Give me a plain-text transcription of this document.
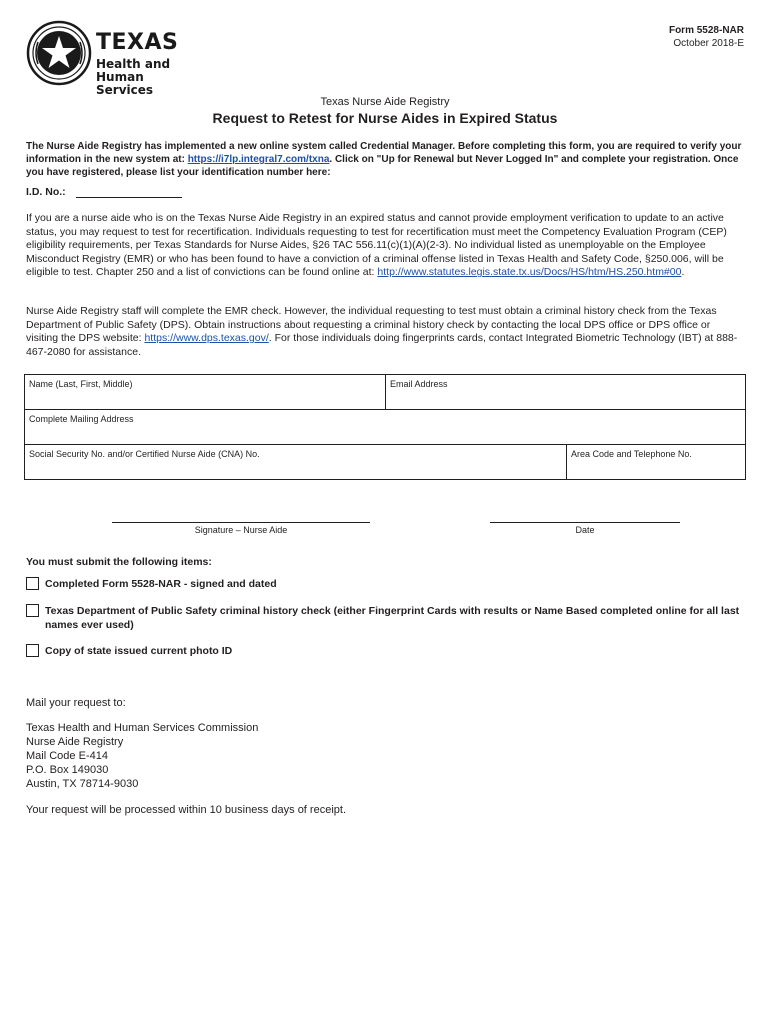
TEXAS
Health and Human
Services
Form 5528-NAR
October 2018-E
Texas Nurse Aide Registry
Request to Retest for Nurse Aides in Expired Status
The Nurse Aide Registry has implemented a new online system called Credential Manager. Before completing this form, you are required to verify your information in the new system at: https://i7lp.integral7.com/txna. Click on "Up for Renewal but Never Logged In" and complete your registration. Once you have registered, please list your identification number here:
I.D. No.:
If you are a nurse aide who is on the Texas Nurse Aide Registry in an expired status and cannot provide employment verification to update to an active status, you may request to test for recertification. Individuals requesting to test for recertification must meet the Competency Evaluation Program (CEP) eligibility requirements, per Texas Standards for Nurse Aides, §26 TAC 556.11(c)(1)(A)(2-3). No individual listed as unemployable on the Employee Misconduct Registry (EMR) or who has been found to have a conviction of a criminal offense listed in Texas Health and Safety Code, §250.006, will be eligible to test. Chapter 250 and a list of convictions can be found online at: http://www.statutes.legis.state.tx.us/Docs/HS/htm/HS.250.htm#00.
Nurse Aide Registry staff will complete the EMR check. However, the individual requesting to test must obtain a criminal history check from the Texas Department of Public Safety (DPS). Obtain instructions about requesting a criminal history check by contacting the local DPS office or DPS office or visiting the DPS website: https://www.dps.texas.gov/. For those individuals doing fingerprints cards, contact Integrated Biometric Technology (IBT) at 888-467-2080 for assistance.
Name (Last, First, Middle)	Email Address
Complete Mailing Address
Social Security No. and/or Certified Nurse Aide (CNA) No.	Area Code and Telephone No.
Signature – Nurse Aide	Date
You must submit the following items:
Completed Form 5528-NAR - signed and dated
Texas Department of Public Safety criminal history check (either Fingerprint Cards with results or Name Based completed online for all last names ever used)
Copy of state issued current photo ID
Mail your request to:
Texas Health and Human Services Commission
Nurse Aide Registry
Mail Code E-414
P.O. Box 149030
Austin, TX 78714-9030
Your request will be processed within 10 business days of receipt.
